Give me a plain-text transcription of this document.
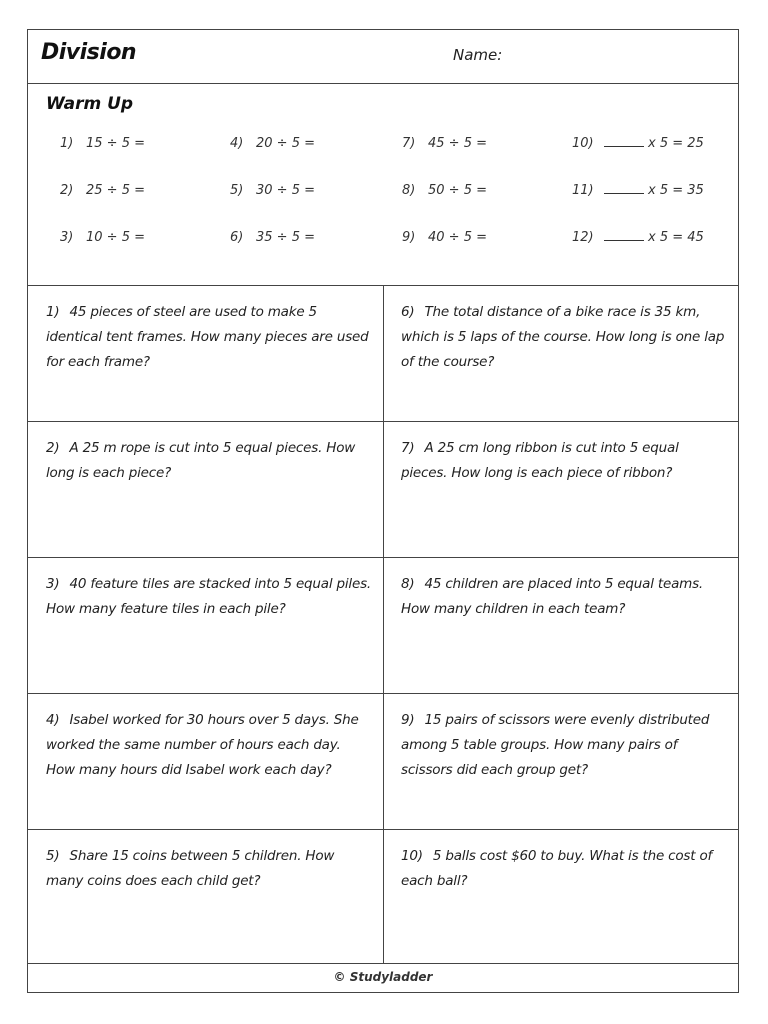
Division	Name:
Warm Up
1) 15 ÷ 5 =
2) 25 ÷ 5 =
3) 10 ÷ 5 =
4) 20 ÷ 5 =
5) 30 ÷ 5 =
6) 35 ÷ 5 =
7) 45 ÷ 5 =
8) 50 ÷ 5 =
9) 40 ÷ 5 =
10)	x 5 = 25
11)	x 5 = 35
12)	x 5 = 45
1) 45 pieces of steel are used to make 5 identical tent frames. How many pieces are used for each frame?
2) A 25 m rope is cut into 5 equal pieces. How long is each piece?
3) 40 feature tiles are stacked into 5 equal piles. How many feature tiles in each pile?
4) Isabel worked for 30 hours over 5 days. She worked the same number of hours each day. How many hours did Isabel work each day?
5) Share 15 coins between 5 children. How many coins does each child get?
6) The total distance of a bike race is 35 km, which is 5 laps of the course. How long is one lap of the course?
7) A 25 cm long ribbon is cut into 5 equal pieces. How long is each piece of ribbon?
8) 45 children are placed into 5 equal teams. How many children in each team?
9) 15 pairs of scissors were evenly distributed among 5 table groups. How many pairs of scissors did each group get?
10) 5 balls cost $60 to buy. What is the cost of each ball?
© Studyladder
